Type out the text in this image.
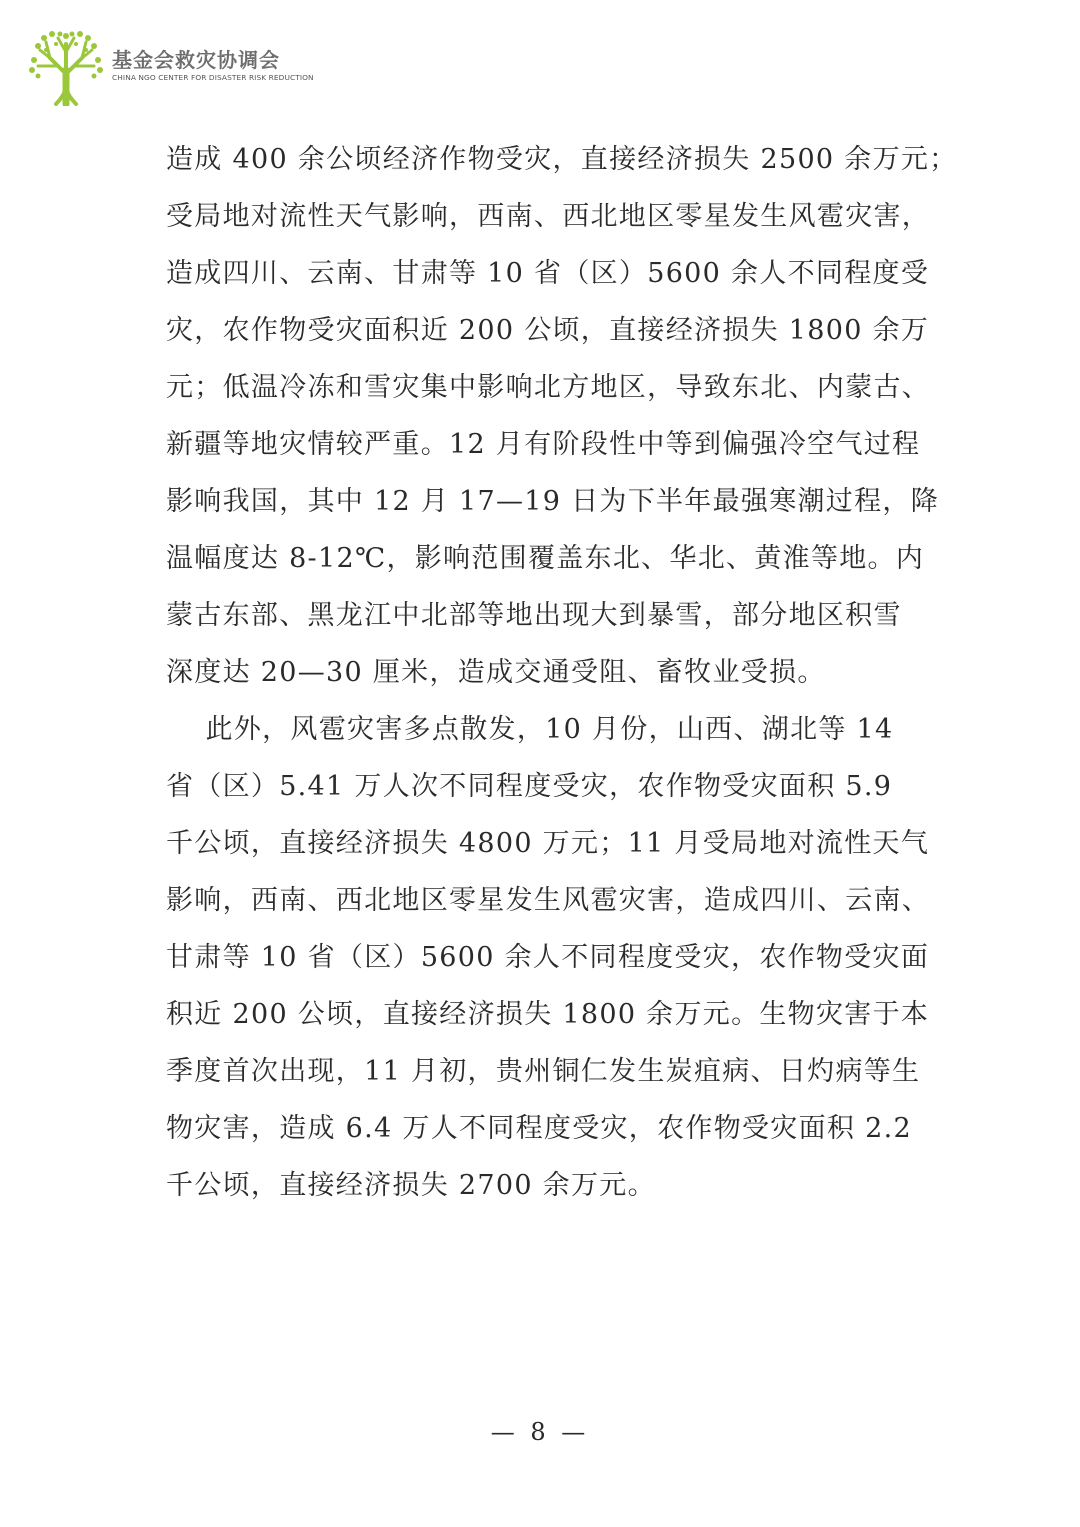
基金会救灾协调会
CHINA NGO CENTER FOR DISASTER RISK REDUCTION
造成 400 余公顷经济作物受灾，直接经济损失 2500 余万元；
受局地对流性天气影响，西南、西北地区零星发生风雹灾害，
造成四川、云南、甘肃等 10 省（区）5600 余人不同程度受
灾，农作物受灾面积近 200 公顷，直接经济损失 1800 余万
元；低温冷冻和雪灾集中影响北方地区，导致东北、内蒙古、
新疆等地灾情较严重。12 月有阶段性中等到偏强冷空气过程
影响我国，其中 12 月 17—19 日为下半年最强寒潮过程，降
温幅度达 8-12℃，影响范围覆盖东北、华北、黄淮等地。内
蒙古东部、黑龙江中北部等地出现大到暴雪，部分地区积雪
深度达 20—30 厘米，造成交通受阻、畜牧业受损。
此外，风雹灾害多点散发，10 月份，山西、湖北等 14
省（区）5.41 万人次不同程度受灾，农作物受灾面积 5.9
千公顷，直接经济损失 4800 万元；11 月受局地对流性天气
影响，西南、西北地区零星发生风雹灾害，造成四川、云南、
甘肃等 10 省（区）5600 余人不同程度受灾，农作物受灾面
积近 200 公顷，直接经济损失 1800 余万元。生物灾害于本
季度首次出现，11 月初，贵州铜仁发生炭疽病、日灼病等生
物灾害，造成 6.4 万人不同程度受灾，农作物受灾面积 2.2
千公顷，直接经济损失 2700 余万元。
— 8 —
